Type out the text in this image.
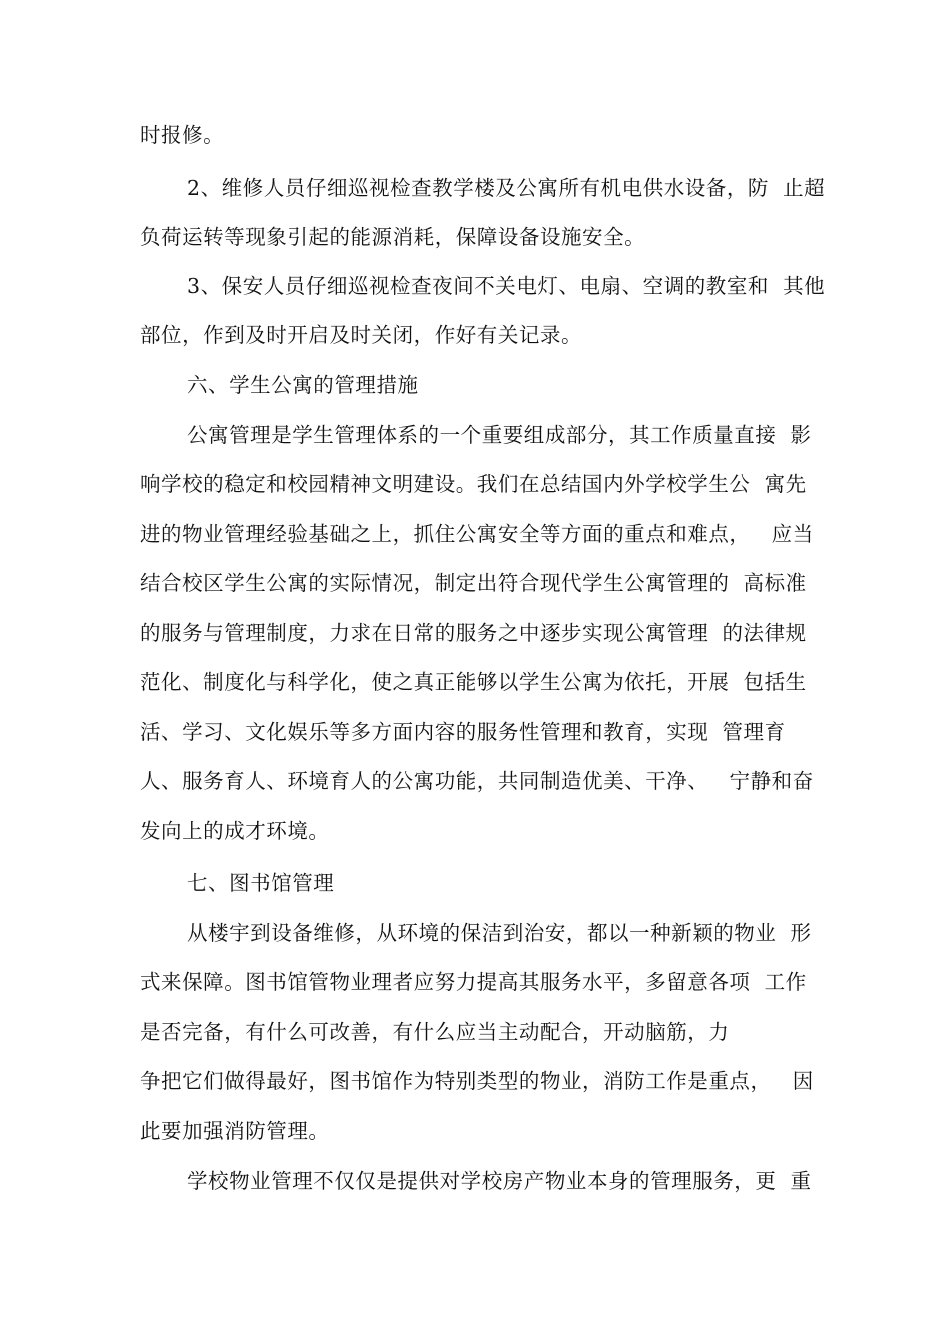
时报修。
2、维修人员仔细巡视检查教学楼及公寓所有机电供水设备，防  止超
负荷运转等现象引起的能源消耗，保障设备设施安全。
3、保安人员仔细巡视检查夜间不关电灯、电扇、空调的教室和  其他
部位，作到及时开启及时关闭，作好有关记录。
六、学生公寓的管理措施
公寓管理是学生管理体系的一个重要组成部分，其工作质量直接  影
响学校的稳定和校园精神文明建设。我们在总结国内外学校学生公  寓先
进的物业管理经验基础之上，抓住公寓安全等方面的重点和难点，   应当
结合校区学生公寓的实际情况，制定出符合现代学生公寓管理的  高标准
的服务与管理制度，力求在日常的服务之中逐步实现公寓管理  的法律规
范化、制度化与科学化，使之真正能够以学生公寓为依托，开展  包括生
活、学习、文化娱乐等多方面内容的服务性管理和教育，实现  管理育
人、服务育人、环境育人的公寓功能，共同制造优美、干净、   宁静和奋
发向上的成才环境。
七、图书馆管理
从楼宇到设备维修，从环境的保洁到治安，都以一种新颖的物业  形
式来保障。图书馆管物业理者应努力提高其服务水平，多留意各项  工作
是否完备，有什么可改善，有什么应当主动配合，开动脑筋，力
争把它们做得最好，图书馆作为特别类型的物业，消防工作是重点，   因
此要加强消防管理。
学校物业管理不仅仅是提供对学校房产物业本身的管理服务，更  重
